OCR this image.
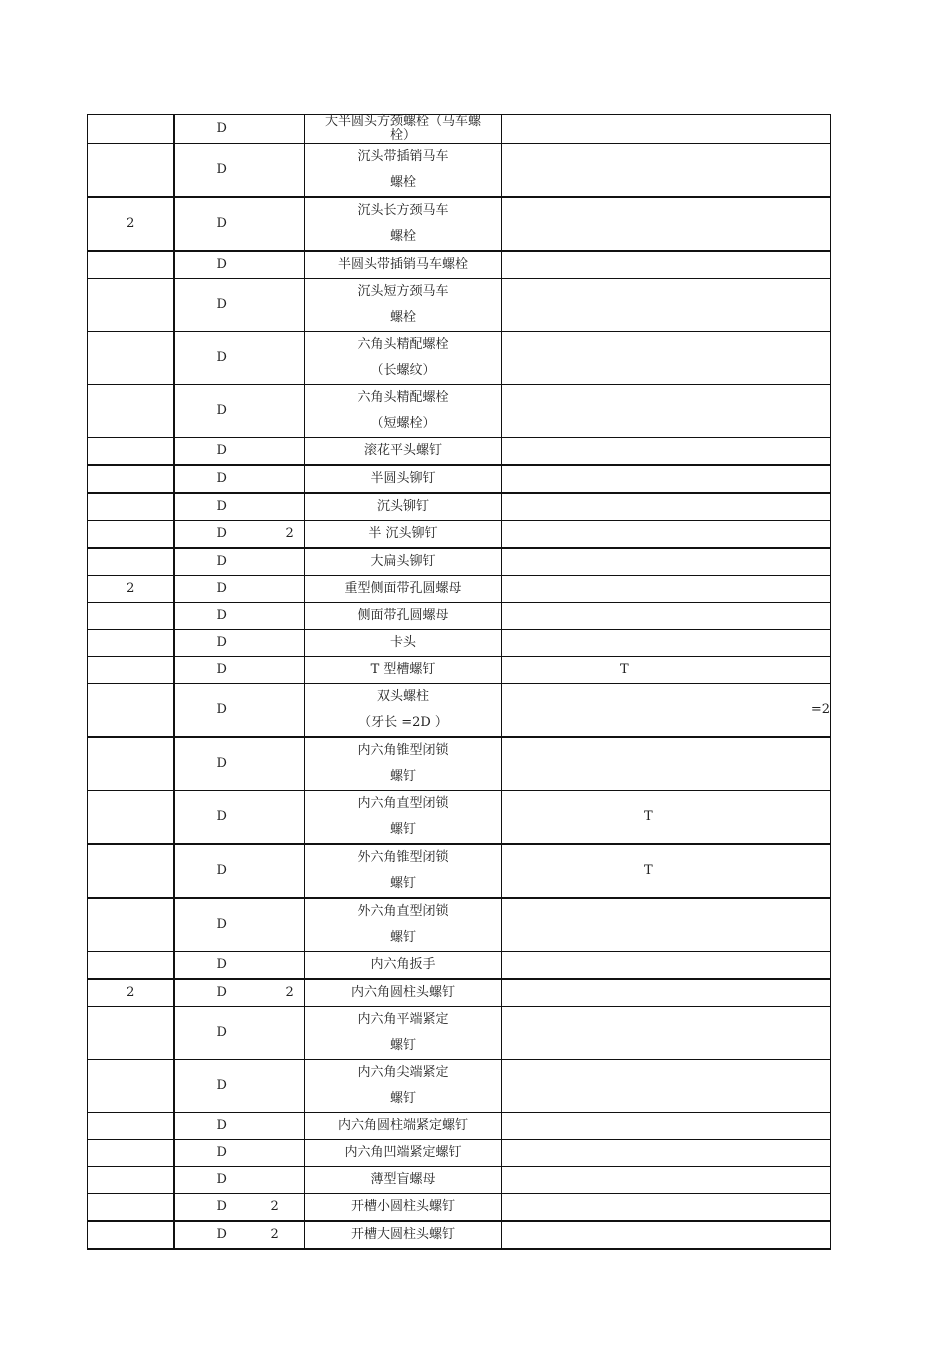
	D	大半圆头方颈螺栓（马车螺
栓）	

	D	沉头带插销马车
螺栓	

2	D	沉头长方颈马车
螺栓	

	D	半圆头带插销马车螺栓	

	D	沉头短方颈马车
螺栓	

	D	六角头精配螺栓
（长螺纹）	

	D	六角头精配螺栓
（短螺栓）	

	D	滚花平头螺钉	

	D	半圆头铆钉	

	D	沉头铆钉	

	D 2	半 沉头铆钉	

	D	大扁头铆钉	

2	D	重型侧面带孔圆螺母	

	D	侧面带孔圆螺母	

	D	卡头	

	D	T 型槽螺钉	T

	D	双头螺柱
（牙长 =2D ）	=2

	D	内六角锥型闭锁
螺钉	

	D	内六角直型闭锁
螺钉	T

	D	外六角锥型闭锁
螺钉	T

	D	外六角直型闭锁
螺钉	

	D	内六角扳手	

2	D 2	内六角圆柱头螺钉	

	D	内六角平端紧定
螺钉	

	D	内六角尖端紧定
螺钉	

	D	内六角圆柱端紧定螺钉	

	D	内六角凹端紧定螺钉	

	D	薄型盲螺母	

	D 2	开槽小圆柱头螺钉	

	D 2	开槽大圆柱头螺钉	
